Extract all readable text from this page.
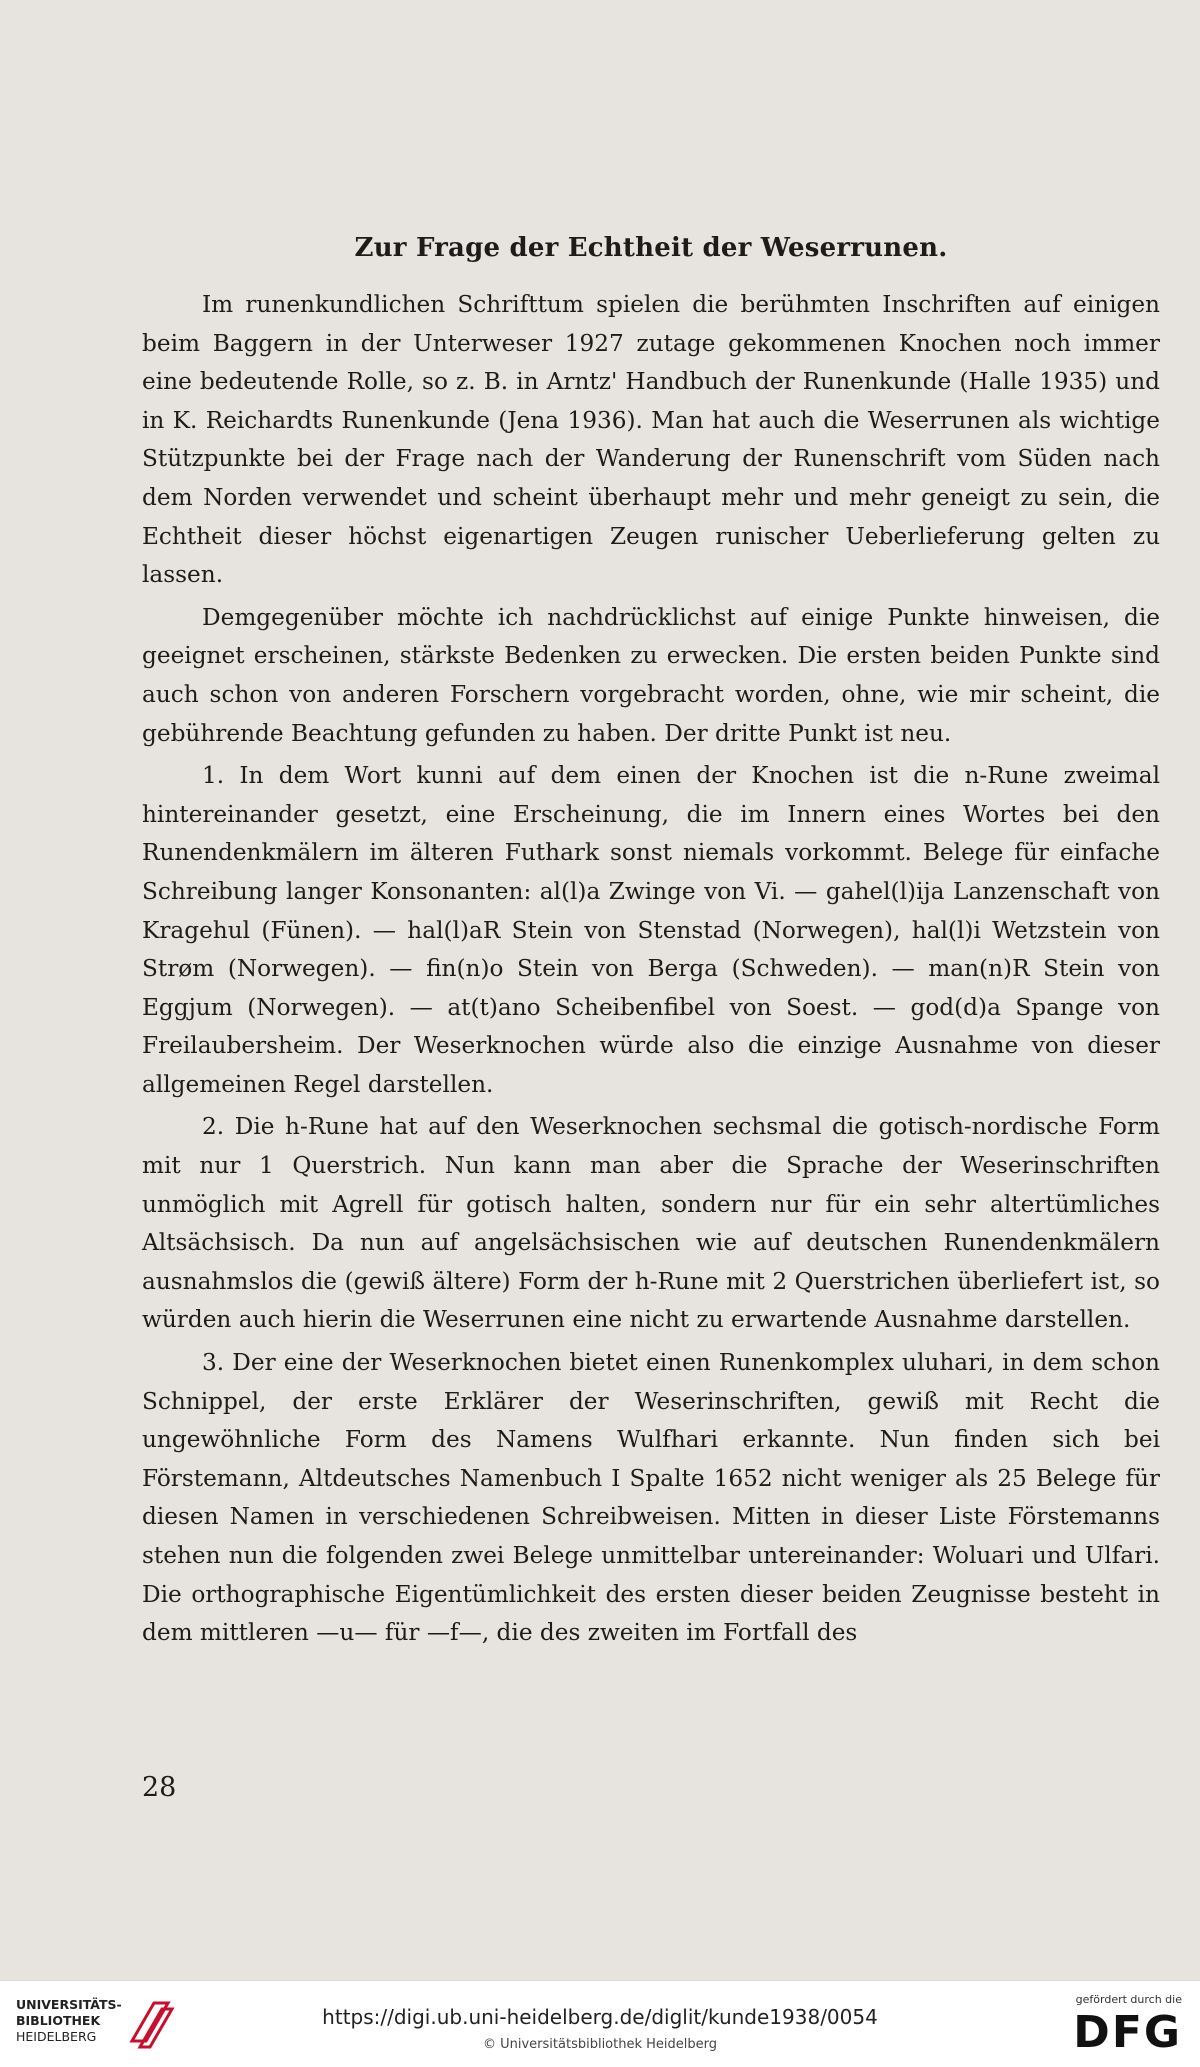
Zur Frage der Echtheit der Weserrunen.

Im runenkundlichen Schrifttum spielen die berühmten Inschriften auf einigen beim Baggern in der Unterweser 1927 zutage gekommenen Knochen noch immer eine bedeutende Rolle, so z. B. in Arntz' Handbuch der Runenkunde (Halle 1935) und in K. Reichardts Runenkunde (Jena 1936). Man hat auch die Weserrunen als wichtige Stützpunkte bei der Frage nach der Wanderung der Runenschrift vom Süden nach dem Norden verwendet und scheint überhaupt mehr und mehr geneigt zu sein, die Echtheit dieser höchst eigenartigen Zeugen runischer Ueberlieferung gelten zu lassen.

Demgegenüber möchte ich nachdrücklichst auf einige Punkte hinweisen, die geeignet erscheinen, stärkste Bedenken zu erwecken. Die ersten beiden Punkte sind auch schon von anderen Forschern vorgebracht worden, ohne, wie mir scheint, die gebührende Beachtung gefunden zu haben. Der dritte Punkt ist neu.

1. In dem Wort kunni auf dem einen der Knochen ist die n-Rune zweimal hintereinander gesetzt, eine Erscheinung, die im Innern eines Wortes bei den Runendenkmälern im älteren Futhark sonst niemals vorkommt. Belege für einfache Schreibung langer Konsonanten: al(l)a Zwinge von Vi. — gahel(l)ija Lanzenschaft von Kragehul (Fünen). — hal(l)aR Stein von Stenstad (Norwegen), hal(l)i Wetzstein von Strøm (Norwegen). — fin(n)o Stein von Berga (Schweden). — man(n)R Stein von Eggjum (Norwegen). — at(t)ano Scheibenfibel von Soest. — god(d)a Spange von Freilaubersheim. Der Weserknochen würde also die einzige Ausnahme von dieser allgemeinen Regel darstellen.

2. Die h-Rune hat auf den Weserknochen sechsmal die gotisch-nordische Form mit nur 1 Querstrich. Nun kann man aber die Sprache der Weserinschriften unmöglich mit Agrell für gotisch halten, sondern nur für ein sehr altertümliches Altsächsisch. Da nun auf angelsächsischen wie auf deutschen Runendenkmälern ausnahmslos die (gewiß ältere) Form der h-Rune mit 2 Querstrichen überliefert ist, so würden auch hierin die Weserrunen eine nicht zu erwartende Ausnahme darstellen.

3. Der eine der Weserknochen bietet einen Runenkomplex uluhari, in dem schon Schnippel, der erste Erklärer der Weserinschriften, gewiß mit Recht die ungewöhnliche Form des Namens Wulfhari erkannte. Nun finden sich bei Förstemann, Altdeutsches Namenbuch I Spalte 1652 nicht weniger als 25 Belege für diesen Namen in verschiedenen Schreibweisen. Mitten in dieser Liste Förstemanns stehen nun die folgenden zwei Belege unmittelbar untereinander: Woluari und Ulfari. Die orthographische Eigentümlichkeit des ersten dieser beiden Zeugnisse besteht in dem mittleren —u— für —f—, die des zweiten im Fortfall des

28
UNIVERSITÄTS-
BIBLIOTHEK
HEIDELBERG
https://digi.ub.uni-heidelberg.de/diglit/kunde1938/0054
© Universitätsbibliothek Heidelberg
gefördert durch die
DFG
